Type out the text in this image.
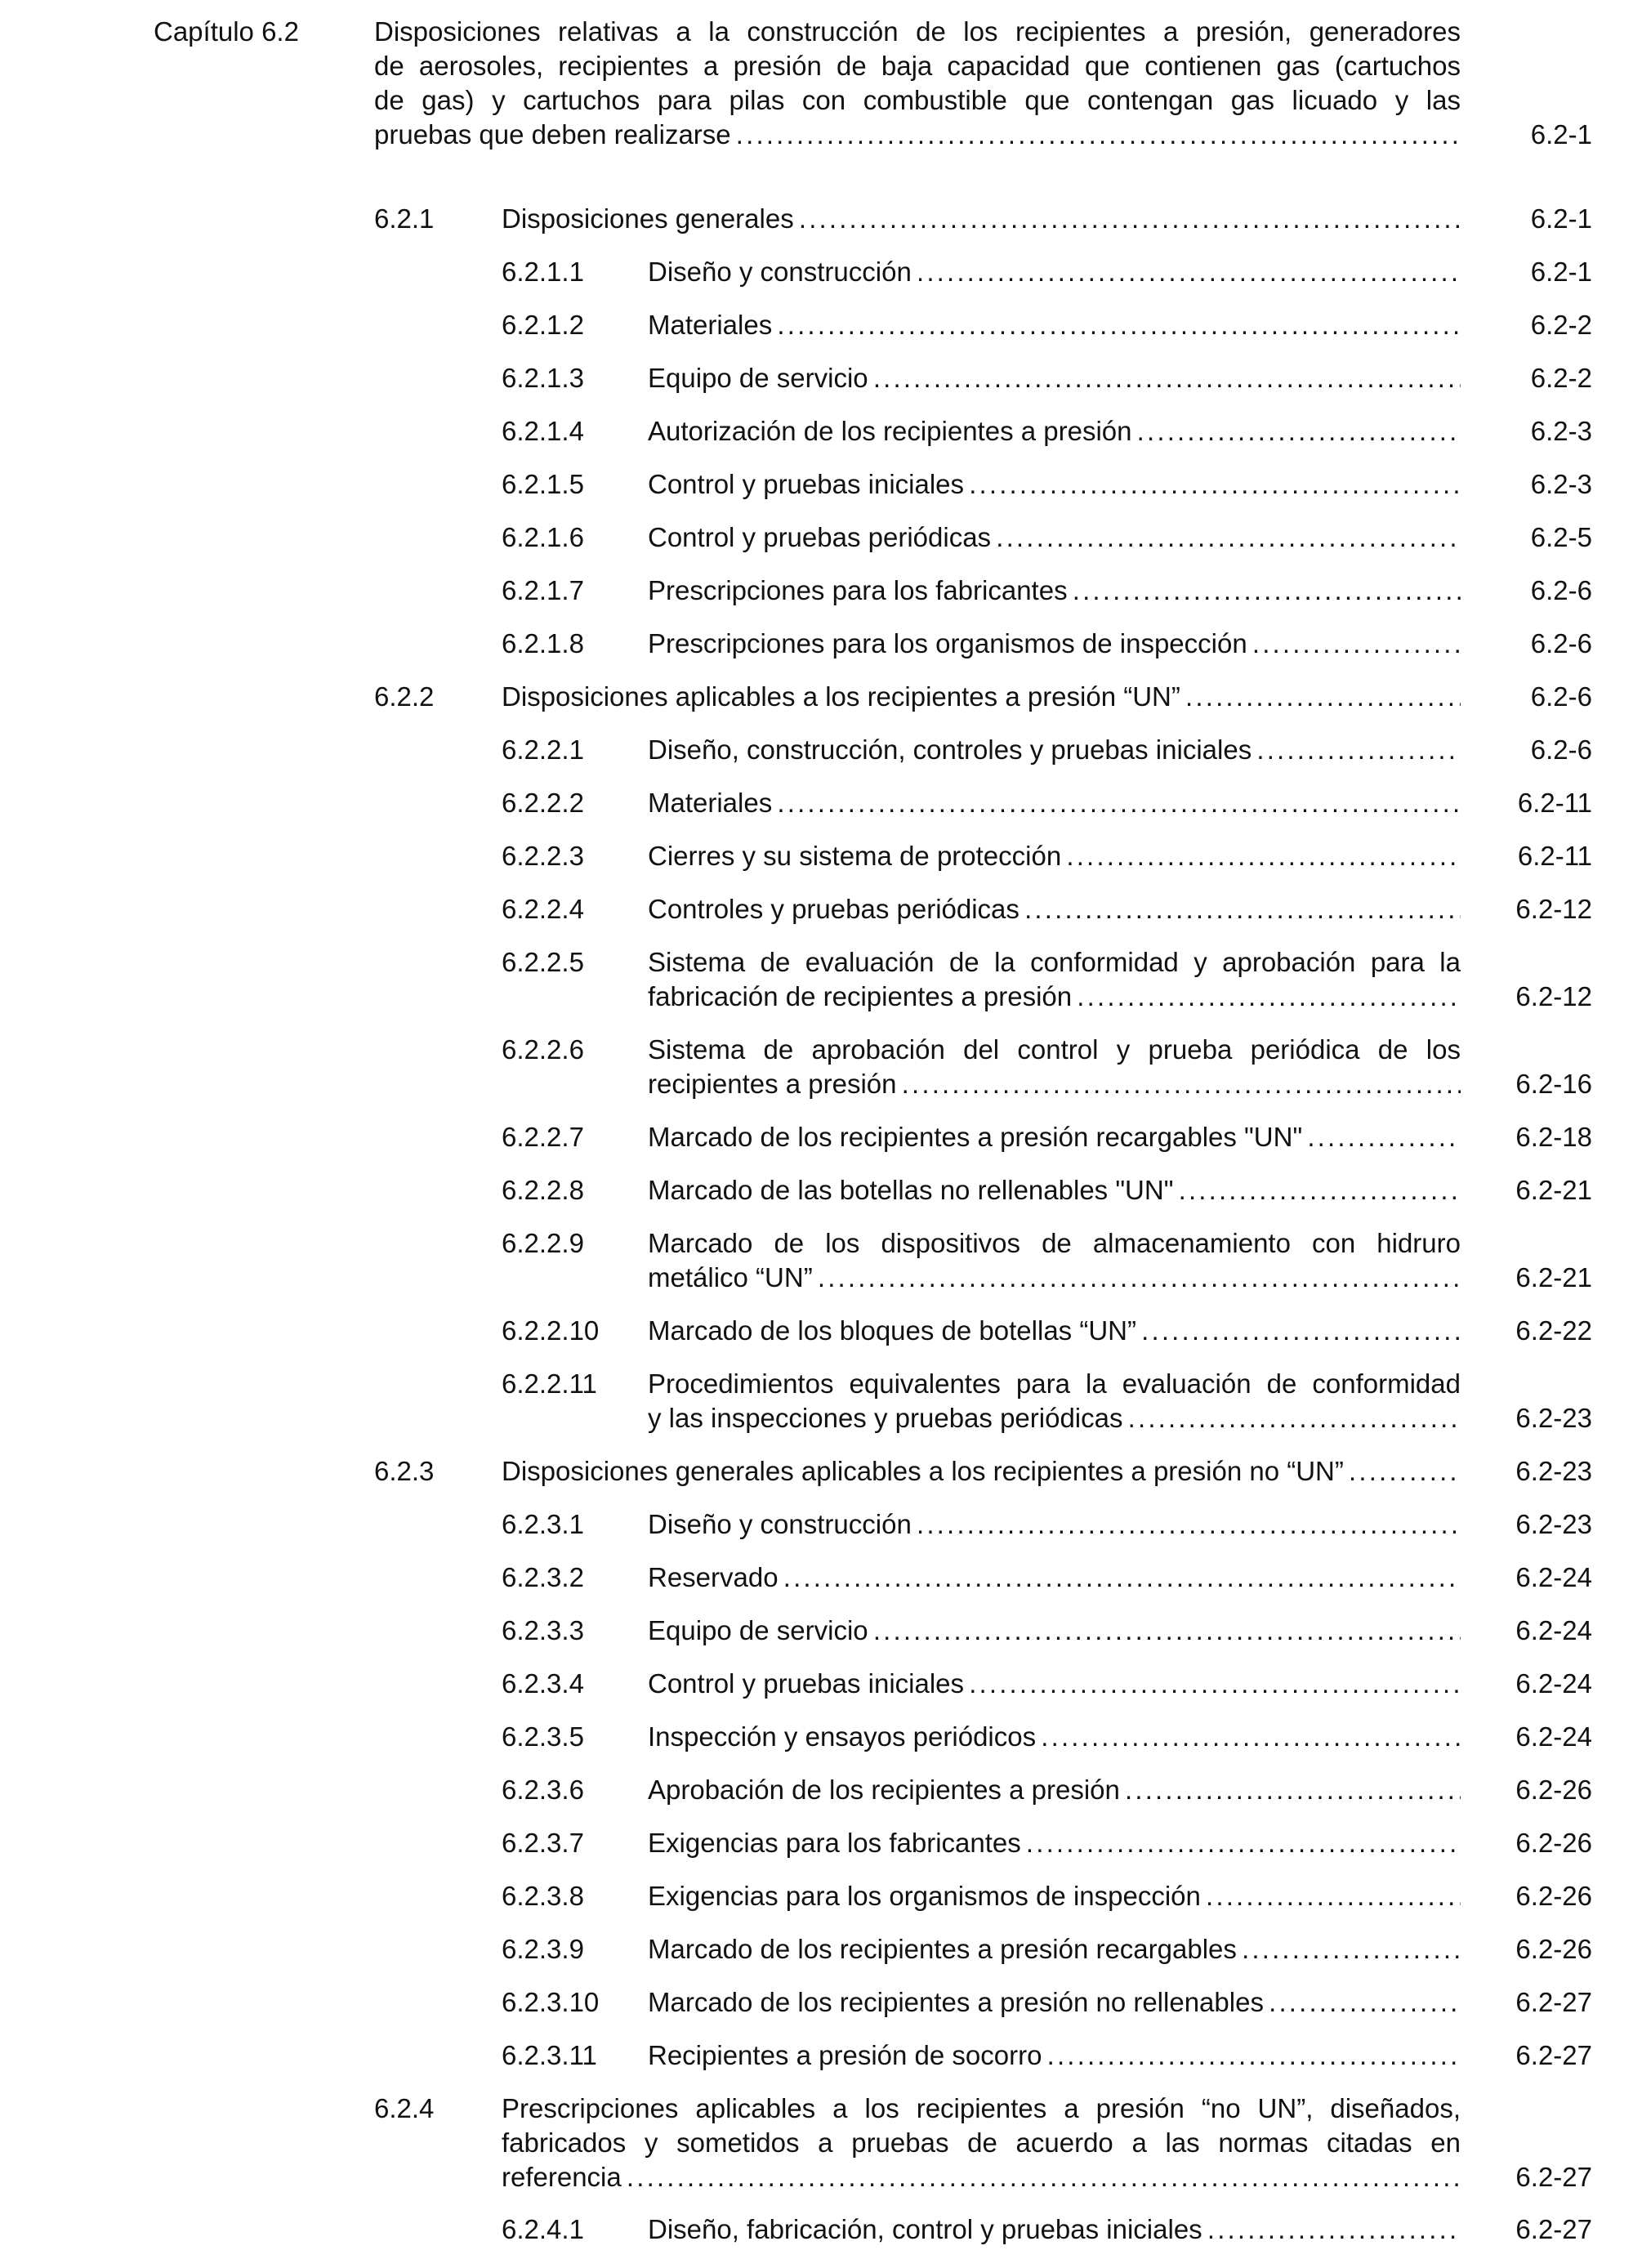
Capítulo 6.2	Disposiciones relativas a la construcción de los recipientes a presión, generadores
de aerosoles, recipientes a presión de baja capacidad que contienen gas (cartuchos
de gas) y cartuchos para pilas con combustible que contengan gas licuado y las
pruebas que deben realizarse . . .	6.2-1
6.2.1	Disposiciones generales . . .	6.2-1
6.2.1.1 Diseño y construcción . . .	6.2-1
6.2.1.2 Materiales . . .	6.2-2
6.2.1.3 Equipo de servicio . . .	6.2-2
6.2.1.4 Autorización de los recipientes a presión . . .	6.2-3
6.2.1.5 Control y pruebas iniciales . . .	6.2-3
6.2.1.6 Control y pruebas periódicas . . .	6.2-5
6.2.1.7 Prescripciones para los fabricantes . . .	6.2-6
6.2.1.8 Prescripciones para los organismos de inspección . . .	6.2-6
6.2.2	Disposiciones aplicables a los recipientes a presión “UN” . . .	6.2-6
6.2.2.1 Diseño, construcción, controles y pruebas iniciales . . .	6.2-6
6.2.2.2 Materiales . . .	6.2-11
6.2.2.3 Cierres y su sistema de protección . . .	6.2-11
6.2.2.4 Controles y pruebas periódicas . . .	6.2-12
6.2.2.5 Sistema de evaluación de la conformidad y aprobación para la
fabricación de recipientes a presión . . .	6.2-12
6.2.2.6 Sistema de aprobación del control y prueba periódica de los
recipientes a presión . . .	6.2-16
6.2.2.7 Marcado de los recipientes a presión recargables "UN" . . .	6.2-18
6.2.2.8 Marcado de las botellas no rellenables "UN" . . .	6.2-21
6.2.2.9 Marcado de los dispositivos de almacenamiento con hidruro
metálico “UN” . . .	6.2-21
6.2.2.10 Marcado de los bloques de botellas “UN” . . .	6.2-22
6.2.2.11 Procedimientos equivalentes para la evaluación de conformidad
y las inspecciones y pruebas periódicas . . .	6.2-23
6.2.3	Disposiciones generales aplicables a los recipientes a presión no “UN” . . .	6.2-23
6.2.3.1 Diseño y construcción . . .	6.2-23
6.2.3.2 Reservado . . .	6.2-24
6.2.3.3 Equipo de servicio . . .	6.2-24
6.2.3.4 Control y pruebas iniciales . . .	6.2-24
6.2.3.5 Inspección y ensayos periódicos . . .	6.2-24
6.2.3.6 Aprobación de los recipientes a presión . . .	6.2-26
6.2.3.7 Exigencias para los fabricantes . . .	6.2-26
6.2.3.8 Exigencias para los organismos de inspección . . .	6.2-26
6.2.3.9 Marcado de los recipientes a presión recargables . . .	6.2-26
6.2.3.10 Marcado de los recipientes a presión no rellenables . . .	6.2-27
6.2.3.11 Recipientes a presión de socorro . . .	6.2-27
6.2.4	Prescripciones aplicables a los recipientes a presión “no UN”, diseñados,
fabricados y sometidos a pruebas de acuerdo a las normas citadas en
referencia . . .	6.2-27
6.2.4.1 Diseño, fabricación, control y pruebas iniciales . . .	6.2-27
